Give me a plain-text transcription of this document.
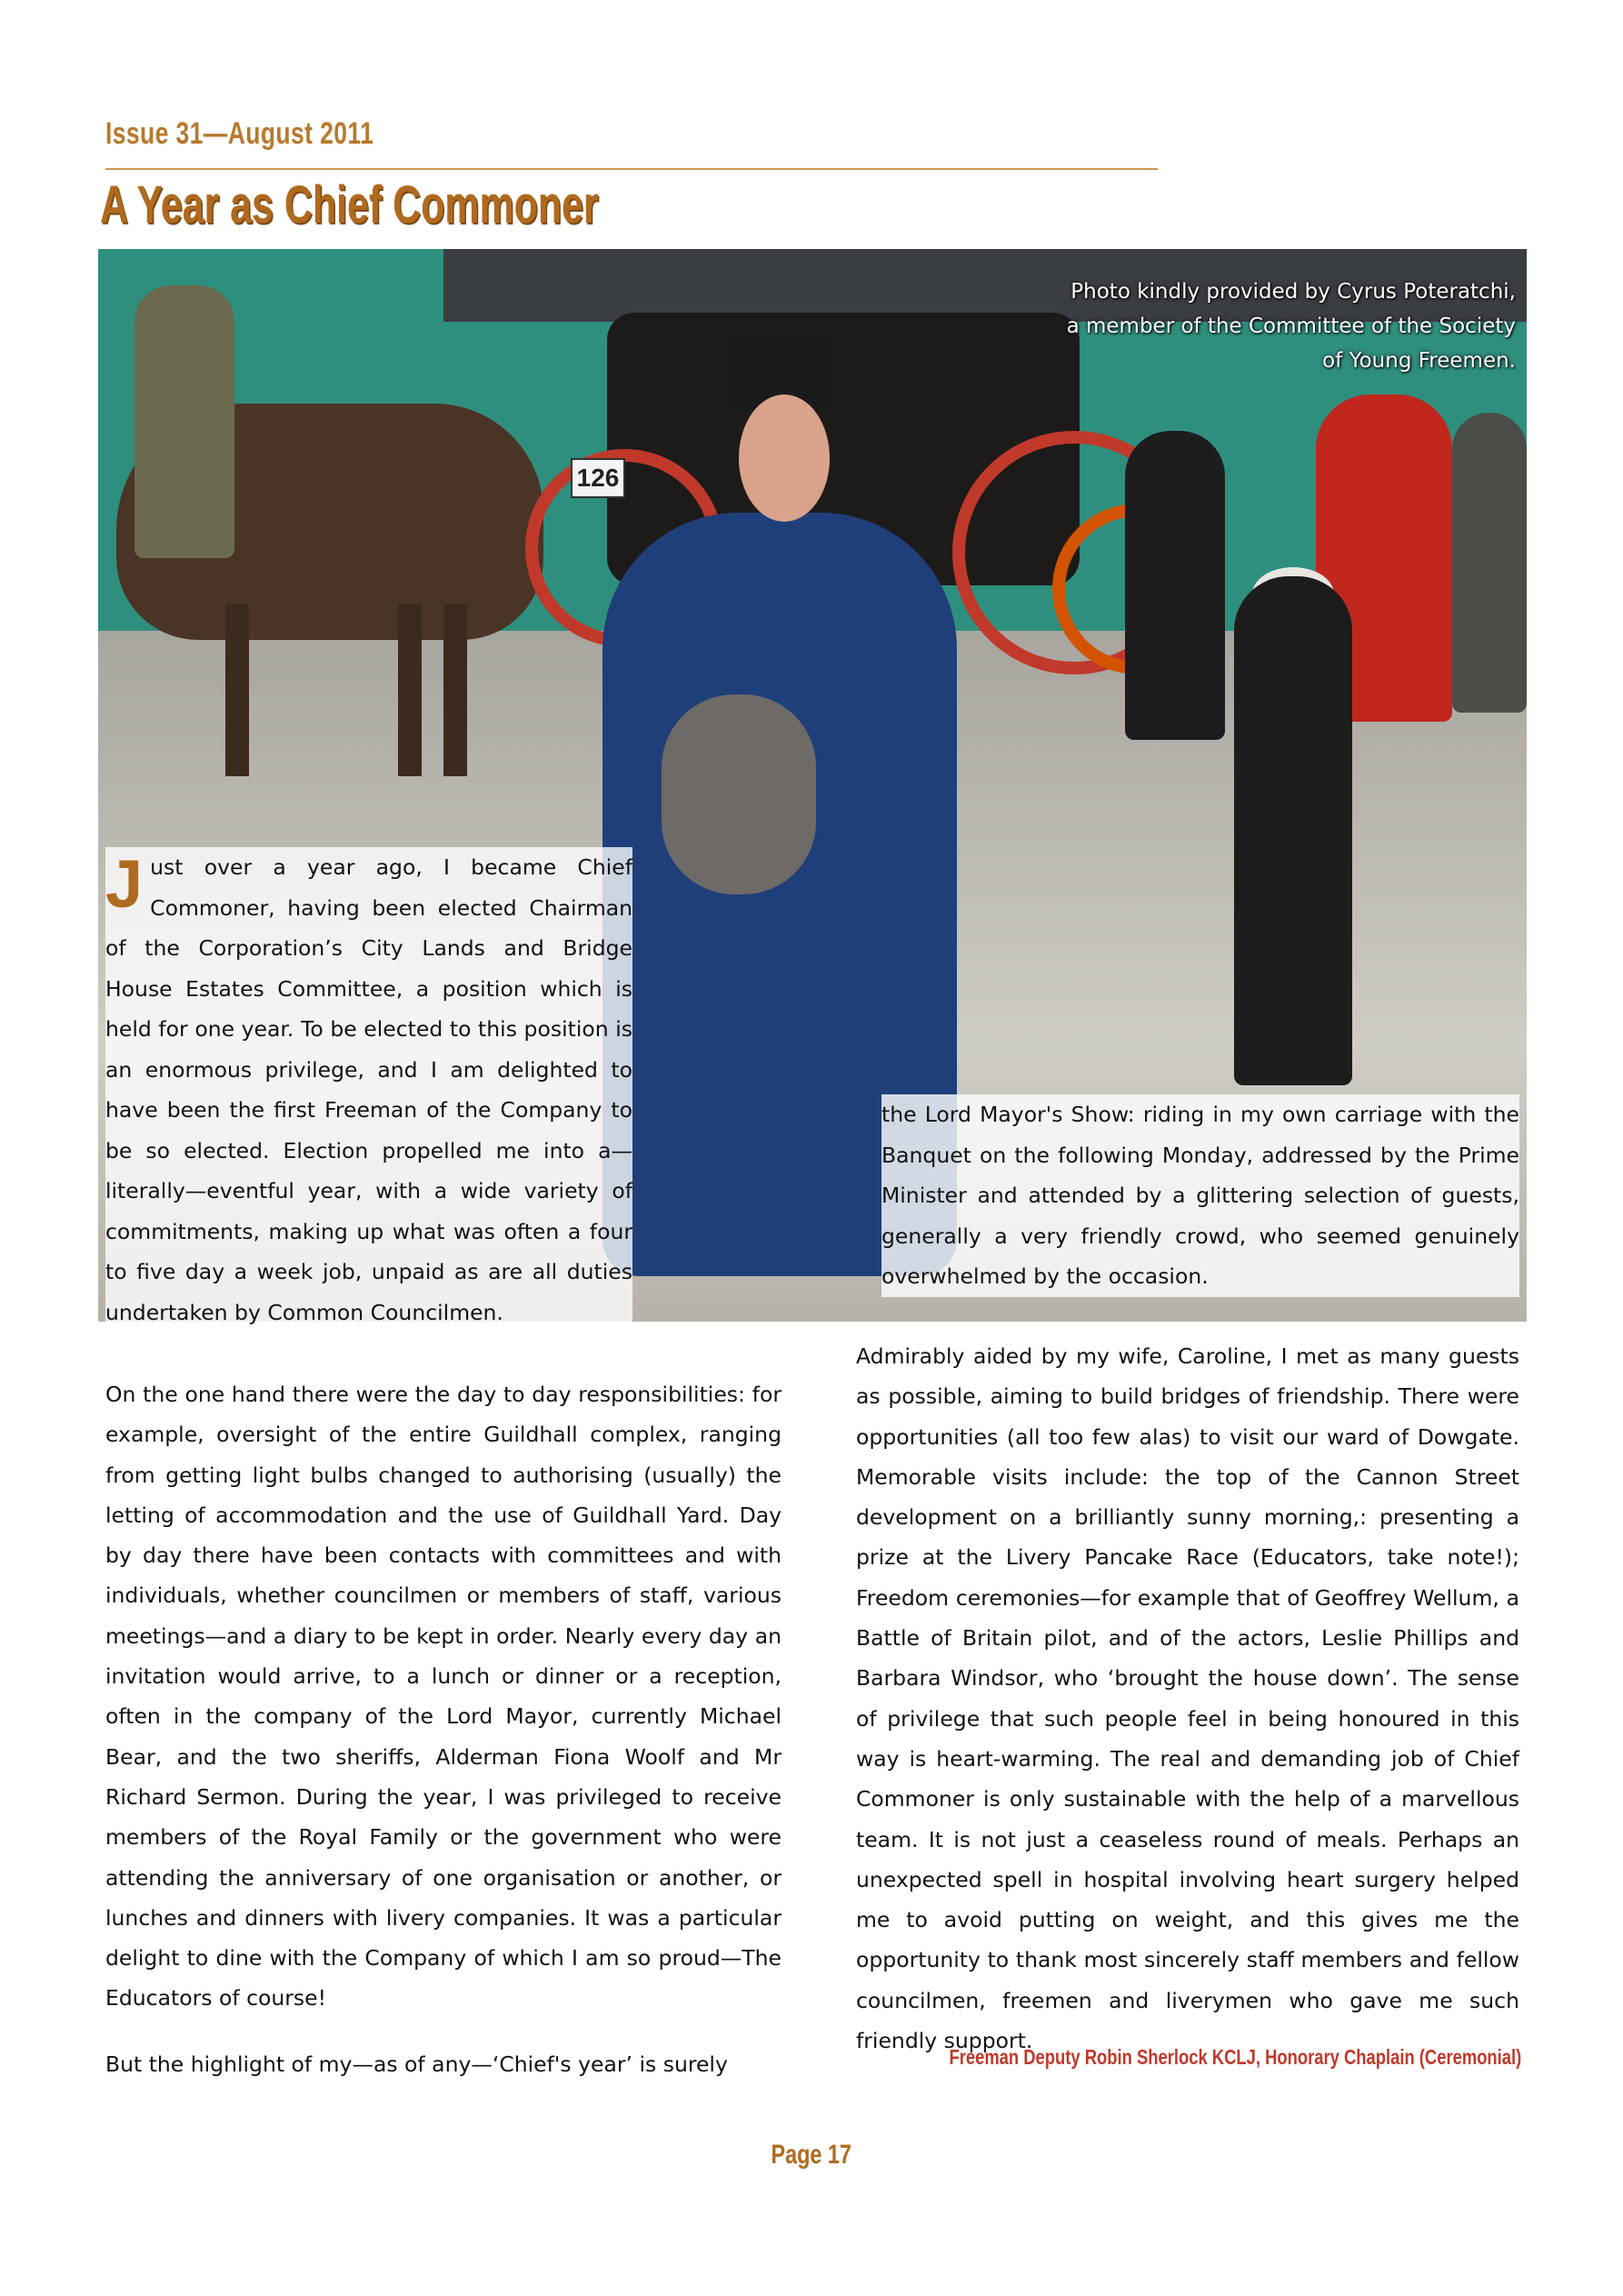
Issue 31—August 2011
A Year as Chief Commoner
126
Photo kindly provided by Cyrus Poteratchi,
a member of the Committee of the Society
of Young Freemen.
Just over a year ago, I became Chief Commoner, having been elected Chairman of the Corporation’s City Lands and Bridge House Estates Committee, a position which is held for one year. To be elected to this position is an enormous privilege, and I am delighted to have been the first Freeman of the Company to be so elected. Election propelled me into a—literally—eventful year, with a wide variety of commitments, making up what was often a four to five day a week job, unpaid as are all duties undertaken by Common Councilmen.
the Lord Mayor's Show: riding in my own carriage with the Banquet on the following Monday, addressed by the Prime Minister and attended by a glittering selection of guests, generally a very friendly crowd, who seemed genuinely overwhelmed by the occasion.

On the one hand there were the day to day responsibilities: for example, oversight of the entire Guildhall complex, ranging from getting light bulbs changed to authorising (usually) the letting of accommodation and the use of Guildhall Yard. Day by day there have been contacts with committees and with individuals, whether councilmen or members of staff, various meetings—and a diary to be kept in order. Nearly every day an invitation would arrive, to a lunch or dinner or a reception, often in the company of the Lord Mayor, currently Michael Bear, and the two sheriffs, Alderman Fiona Woolf and Mr Richard Sermon. During the year, I was privileged to receive members of the Royal Family or the government who were attending the anniversary of one organisation or another, or lunches and dinners with livery companies. It was a particular delight to dine with the Company of which I am so proud—The Educators of course!

But the highlight of my—as of any—‘Chief's year’ is surely

Admirably aided by my wife, Caroline, I met as many guests as possible, aiming to build bridges of friendship. There were opportunities (all too few alas) to visit our ward of Dowgate. Memorable visits include: the top of the Cannon Street development on a brilliantly sunny morning,: presenting a prize at the Livery Pancake Race (Educators, take note!); Freedom ceremonies—for example that of Geoffrey Wellum, a Battle of Britain pilot, and of the actors, Leslie Phillips and Barbara Windsor, who ‘brought the house down’. The sense of privilege that such people feel in being honoured in this way is heart-warming. The real and demanding job of Chief Commoner is only sustainable with the help of a marvellous team. It is not just a ceaseless round of meals. Perhaps an unexpected spell in hospital involving heart surgery helped me to avoid putting on weight, and this gives me the opportunity to thank most sincerely staff members and fellow councilmen, freemen and liverymen who gave me such friendly support.

Freeman Deputy Robin Sherlock KCLJ, Honorary Chaplain (Ceremonial)
Page 17
